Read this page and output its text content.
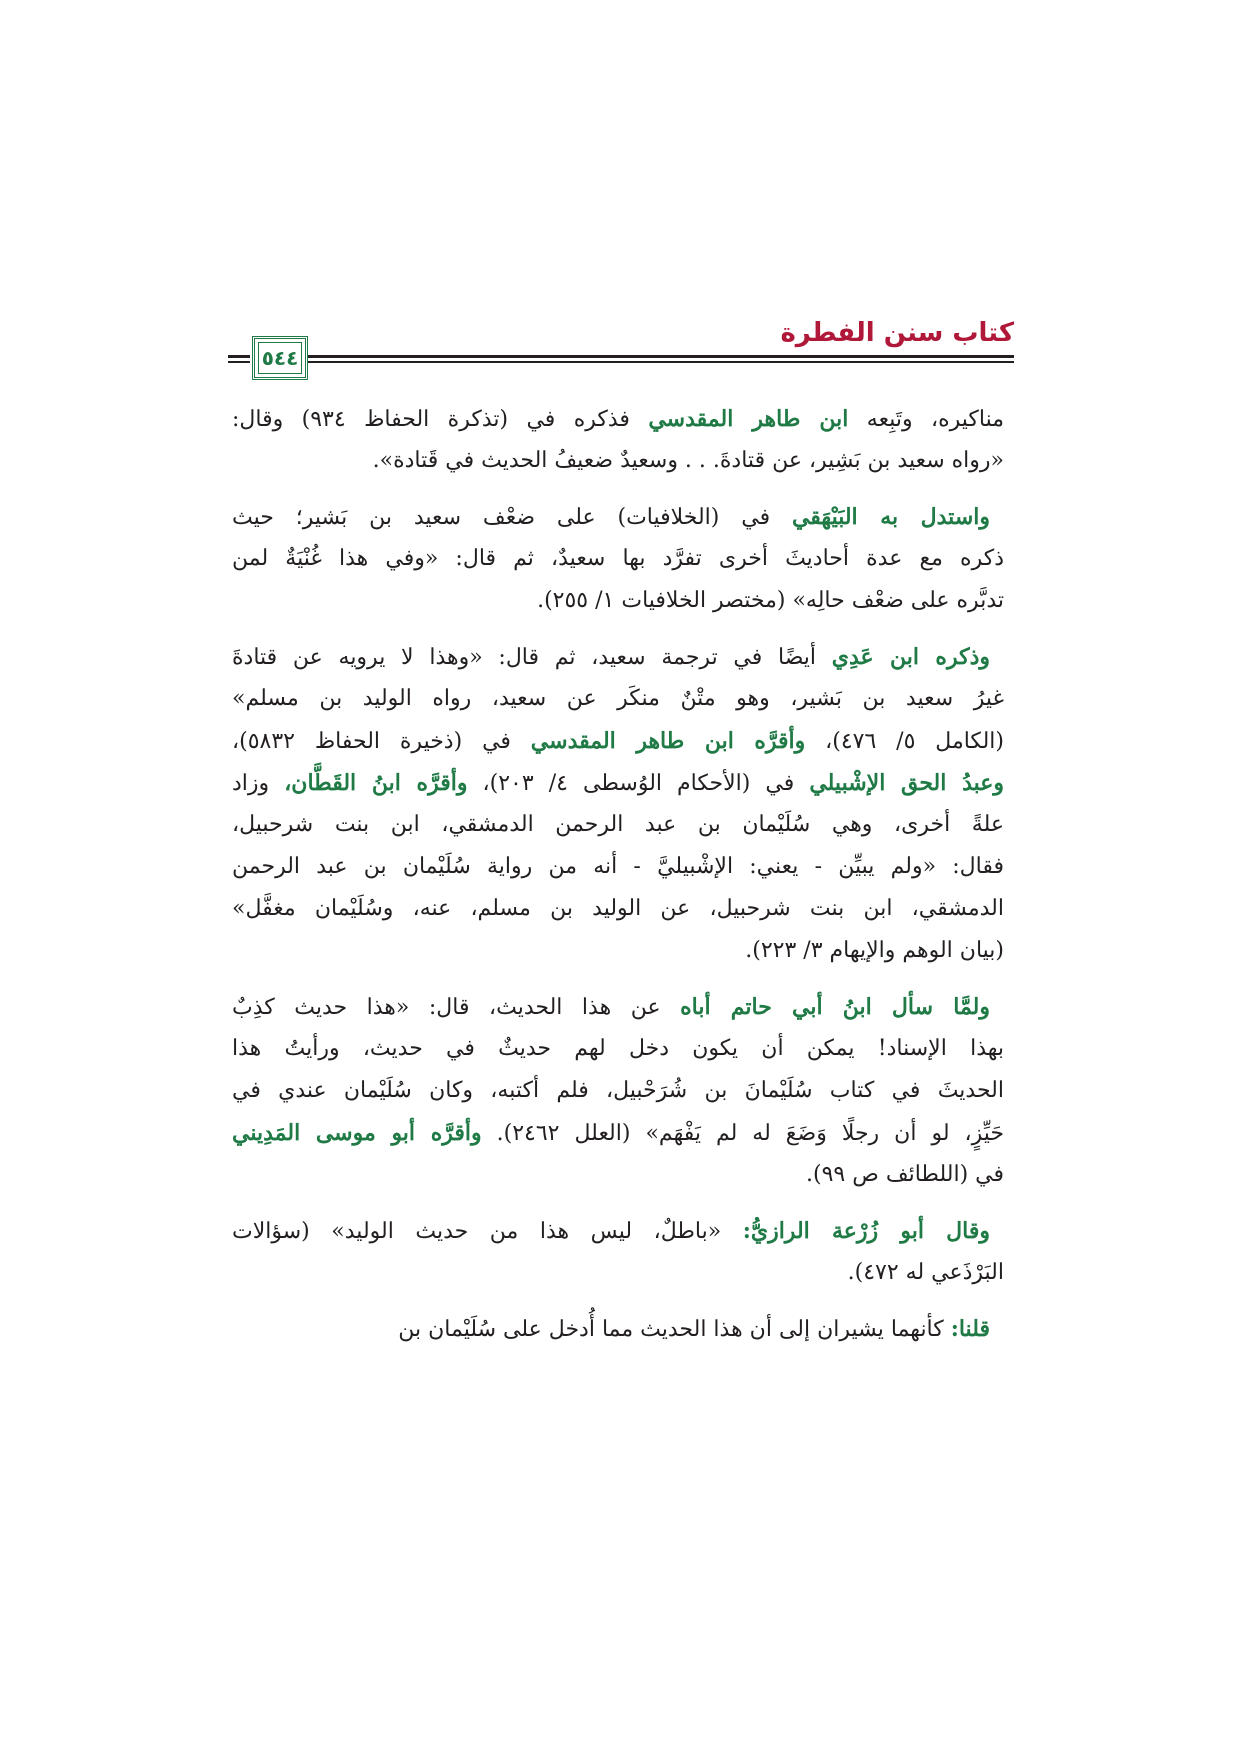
كتاب سنن الفطرة
٥٤٤
مناكيره، وتَبِعه ابن طاهر المقدسي فذكره في (تذكرة الحفاظ ٩٣٤) وقال:
«رواه سعيد بن بَشِير، عن قتادةَ. . . وسعيدٌ ضعيفُ الحديث في قَتادة».
واستدل به البَيْهَقي في (الخلافيات) على ضعْف سعيد بن بَشير؛ حيث
ذكره مع عدة أحاديثَ أخرى تفرَّد بها سعيدٌ، ثم قال: «وفي هذا غُنْيَةٌ لمن
تدبَّره على ضعْف حالِه» (مختصر الخلافيات ١/ ٢٥٥).
وذكره ابن عَدِي أيضًا في ترجمة سعيد، ثم قال: «وهذا لا يرويه عن قتادةَ
غيرُ سعيد بن بَشير، وهو متْنٌ منكَر عن سعيد، رواه الوليد بن مسلم»
(الكامل ٥/ ٤٧٦)، وأقرَّه ابن طاهر المقدسي في (ذخيرة الحفاظ ٥٨٣٢)،
وعبدُ الحق الإشْبيلي في (الأحكام الوُسطى ٤/ ٢٠٣)، وأقرَّه ابنُ القَطَّان، وزاد
علةً أخرى، وهي سُلَيْمان بن عبد الرحمن الدمشقي، ابن بنت شرحبيل،
فقال: «ولم يبيِّن - يعني: الإشْبيليَّ - أنه من رواية سُلَيْمان بن عبد الرحمن
الدمشقي، ابن بنت شرحبيل، عن الوليد بن مسلم، عنه، وسُلَيْمان مغفَّل»
(بيان الوهم والإيهام ٣/ ٢٢٣).
ولمَّا سأل ابنُ أبي حاتم أباه عن هذا الحديث، قال: «هذا حديث كذِبٌ
بهذا الإسناد! يمكن أن يكون دخل لهم حديثٌ في حديث، ورأيتُ هذا
الحديثَ في كتاب سُلَيْمانَ بن شُرَحْبيل، فلم أكتبه، وكان سُلَيْمان عندي في
حَيِّزٍ، لو أن رجلًا وَضَعَ له لم يَفْهَم» (العلل ٢٤٦٢). وأقرَّه أبو موسى المَدِيني
في (اللطائف ص ٩٩).
وقال أبو زُرْعة الرازيُّ: «باطلٌ، ليس هذا من حديث الوليد» (سؤالات
البَرْذَعي له ٤٧٢).
قلنا: كأنهما يشيران إلى أن هذا الحديث مما أُدخل على سُلَيْمان بن
